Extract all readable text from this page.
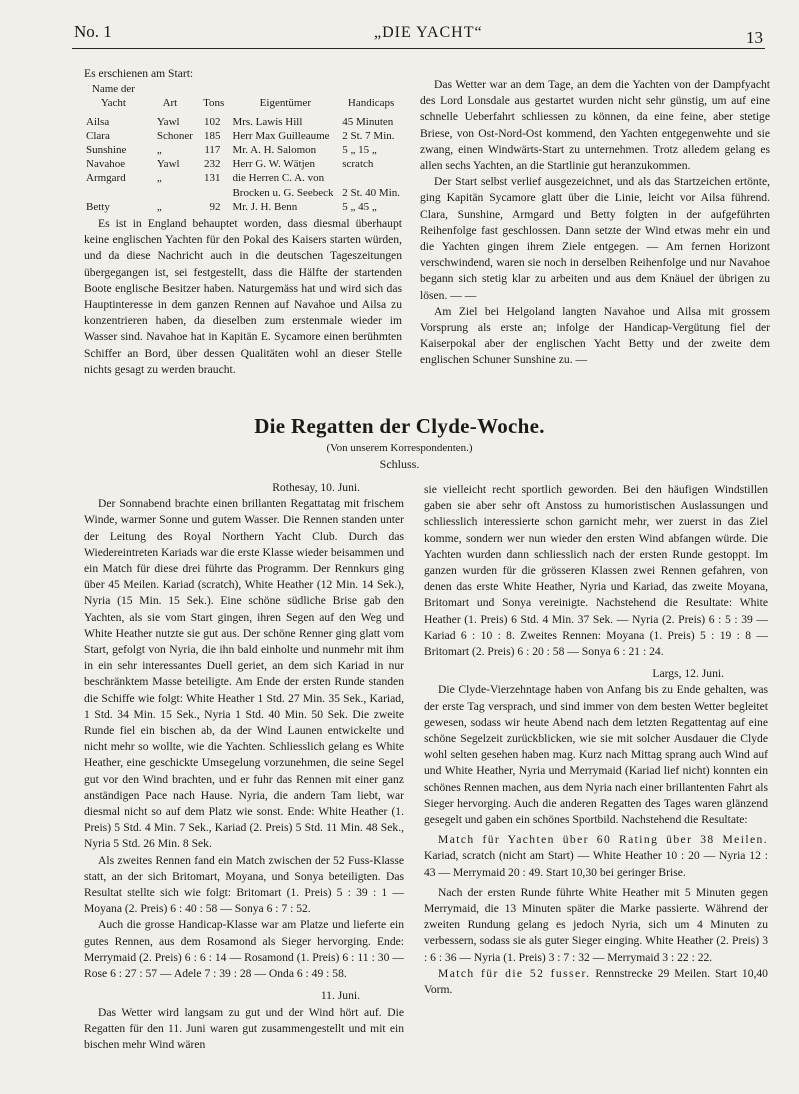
No. 1	„DIE YACHT“	13

Es erschienen am Start:

Name der Yacht	Art	Tons	Eigentümer	Handicaps
Ailsa	Yawl	102	Mrs. Lawis Hill	45 Minuten
Clara	Schoner	185	Herr Max Guilleaume	2 St. 7 Min.
Sunshine	„	117	Mr. A. H. Salomon	5 „ 15 „
Navahoe	Yawl	232	Herr G. W. Wätjen	scratch
Armgard	„	131	die Herren C. A. von	
			Brocken u. G. Seebeck	2 St. 40 Min.
Betty	„	92	Mr. J. H. Benn	5 „ 45 „

Es ist in England behauptet worden, dass diesmal überhaupt keine englischen Yachten für den Pokal des Kaisers starten würden, und da diese Nachricht auch in die deutschen Tageszeitungen übergegangen ist, sei festgestellt, dass die Hälfte der startenden Boote englische Besitzer haben. Naturgemäss hat und wird sich das Hauptinteresse in dem ganzen Rennen auf Navahoe und Ailsa zu konzentrieren haben, da dieselben zum erstenmale wieder im Wasser sind. Navahoe hat in Kapitän E. Sycamore einen berühmten Schiffer an Bord, über dessen Qualitäten wohl an dieser Stelle nichts gesagt zu werden braucht.

Das Wetter war an dem Tage, an dem die Yachten von der Dampfyacht des Lord Lonsdale aus gestartet wurden nicht sehr günstig, um auf eine schnelle Ueberfahrt schliessen zu können, da eine feine, aber stetige Briese, von Ost-Nord-Ost kommend, den Yachten entgegenwehte und sie zwang, einen Windwärts-Start zu unternehmen. Trotz alledem gelang es allen sechs Yachten, an die Startlinie gut heranzukommen.

Der Start selbst verlief ausgezeichnet, und als das Startzeichen ertönte, ging Kapitän Sycamore glatt über die Linie, leicht vor Ailsa führend. Clara, Sunshine, Armgard und Betty folgten in der aufgeführten Reihenfolge fast geschlossen. Dann setzte der Wind etwas mehr ein und die Yachten gingen ihrem Ziele entgegen. — Am fernen Horizont verschwindend, waren sie noch in derselben Reihenfolge und nur Navahoe begann sich stetig klar zu arbeiten und aus dem Knäuel der übrigen zu lösen. — —

Am Ziel bei Helgoland langten Navahoe und Ailsa mit grossem Vorsprung als erste an; infolge der Handicap-Vergütung fiel der Kaiserpokal aber der englischen Yacht Betty und der zweite dem englischen Schuner Sunshine zu. —

Die Regatten der Clyde-Woche.
(Von unserem Korrespondenten.)
Schluss.

Rothesay, 10. Juni.

Der Sonnabend brachte einen brillanten Regattatag mit frischem Winde, warmer Sonne und gutem Wasser. Die Rennen standen unter der Leitung des Royal Northern Yacht Club. Durch das Wiedereintreten Kariads war die erste Klasse wieder beisammen und ein Match für diese drei führte das Programm. Der Rennkurs ging über 45 Meilen. Kariad (scratch), White Heather (12 Min. 14 Sek.), Nyria (15 Min. 15 Sek.). Eine schöne südliche Brise gab den Yachten, als sie vom Start gingen, ihren Segen auf den Weg und White Heather nutzte sie gut aus. Der schöne Renner ging glatt vom Start, gefolgt von Nyria, die ihn bald einholte und nunmehr mit ihm in ein sehr interessantes Duell geriet, an dem sich Kariad in nur beschränktem Masse beteiligte. Am Ende der ersten Runde standen die Schiffe wie folgt: White Heather 1 Std. 27 Min. 35 Sek., Kariad, 1 Std. 34 Min. 15 Sek., Nyria 1 Std. 40 Min. 50 Sek. Die zweite Runde fiel ein bischen ab, da der Wind Launen entwickelte und nicht mehr so wollte, wie die Yachten. Schliesslich gelang es White Heather, eine geschickte Umsegelung vorzunehmen, die seine Segel gut vor den Wind brachten, und er fuhr das Rennen mit einer ganz anständigen Pace nach Hause. Nyria, die andern Tam liebt, war diesmal nicht so auf dem Platz wie sonst. Ende: White Heather (1. Preis) 5 Std. 4 Min. 7 Sek., Kariad (2. Preis) 5 Std. 11 Min. 48 Sek., Nyria 5 Std. 26 Min. 8 Sek.

Als zweites Rennen fand ein Match zwischen der 52 Fuss-Klasse statt, an der sich Britomart, Moyana, und Sonya beteiligten. Das Resultat stellte sich wie folgt: Britomart (1. Preis) 5 : 39 : 1 — Moyana (2. Preis) 6 : 40 : 58 — Sonya 6 : 7 : 52.

Auch die grosse Handicap-Klasse war am Platze und lieferte ein gutes Rennen, aus dem Rosamond als Sieger hervorging. Ende: Merrymaid (2. Preis) 6 : 6 : 14 — Rosamond (1. Preis) 6 : 11 : 30 — Rose 6 : 27 : 57 — Adele 7 : 39 : 28 — Onda 6 : 49 : 58.

11. Juni.

Das Wetter wird langsam zu gut und der Wind hört auf. Die Regatten für den 11. Juni waren gut zusammengestellt und mit ein bischen mehr Wind wären

sie vielleicht recht sportlich geworden. Bei den häufigen Windstillen gaben sie aber sehr oft Anstoss zu humoristischen Auslassungen und schliesslich interessierte schon garnicht mehr, wer zuerst in das Ziel komme, sondern wer nun wieder den ersten Wind abfangen würde. Die Yachten wurden dann schliesslich nach der ersten Runde gestoppt. Im ganzen wurden für die grösseren Klassen zwei Rennen gefahren, von denen das erste White Heather, Nyria und Kariad, das zweite Moyana, Britomart und Sonya vereinigte. Nachstehend die Resultate: White Heather (1. Preis) 6 Std. 4 Min. 37 Sek. — Nyria (2. Preis) 6 : 5 : 39 — Kariad 6 : 10 : 8. Zweites Rennen: Moyana (1. Preis) 5 : 19 : 8 — Britomart (2. Preis) 6 : 20 : 58 — Sonya 6 : 21 : 24.

Largs, 12. Juni.

Die Clyde-Vierzehntage haben von Anfang bis zu Ende gehalten, was der erste Tag versprach, und sind immer von dem besten Wetter begleitet gewesen, sodass wir heute Abend nach dem letzten Regattentag auf eine schöne Segelzeit zurückblicken, wie sie mit solcher Ausdauer die Clyde wohl selten gesehen haben mag. Kurz nach Mittag sprang auch Wind auf und White Heather, Nyria und Merrymaid (Kariad lief nicht) konnten ein schönes Rennen machen, aus dem Nyria nach einer brillantenten Fahrt als Sieger hervorging. Auch die anderen Regatten des Tages waren glänzend gesegelt und gaben ein schönes Sportbild. Nachstehend die Resultate:

Match für Yachten über 60 Rating über 38 Meilen. Kariad, scratch (nicht am Start) — White Heather 10 : 20 — Nyria 12 : 43 — Merrymaid 20 : 49. Start 10,30 bei geringer Brise.

Nach der ersten Runde führte White Heather mit 5 Minuten gegen Merrymaid, die 13 Minuten später die Marke passierte. Während der zweiten Rundung gelang es jedoch Nyria, sich um 4 Minuten zu verbessern, sodass sie als guter Sieger einging. White Heather (2. Preis) 3 : 6 : 36 — Nyria (1. Preis) 3 : 7 : 32 — Merrymaid 3 : 22 : 22.

Match für die 52 fusser. Rennstrecke 29 Meilen. Start 10,40 Vorm.
